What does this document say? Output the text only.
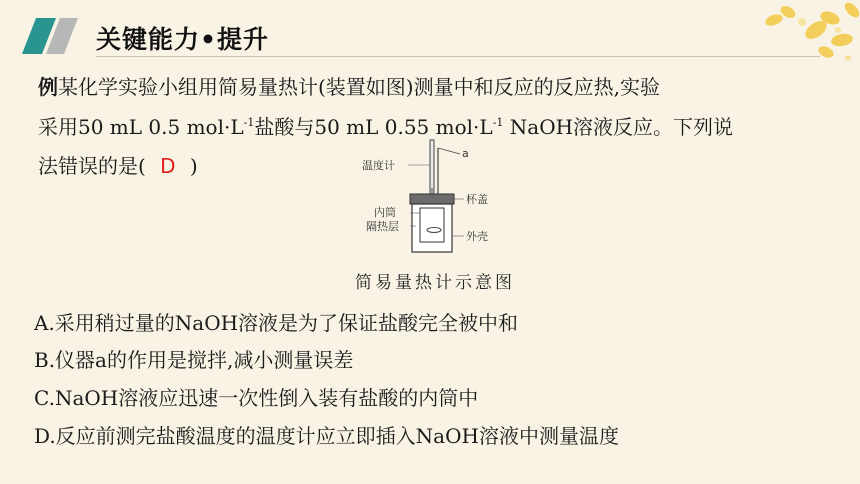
关键能力•提升
例某化学实验小组用简易量热计(装置如图)测量中和反应的反应热,实验
采用50 mL 0.5 $mol\cdot L^{-1}$盐酸与50 mL 0.55 $mol\cdot L^{-1}$ NaOH溶液反应。下列说
法错误的是( D )	温度计
a
杯盖
内筒
隔热层
外壳
简易量热计示意图
A.采用稍过量的NaOH溶液是为了保证盐酸完全被中和
B.仪器a的作用是搅拌,减小测量误差
C.NaOH溶液应迅速一次性倒入装有盐酸的内筒中
D.反应前测完盐酸温度的温度计应立即插入NaOH溶液中测量温度
